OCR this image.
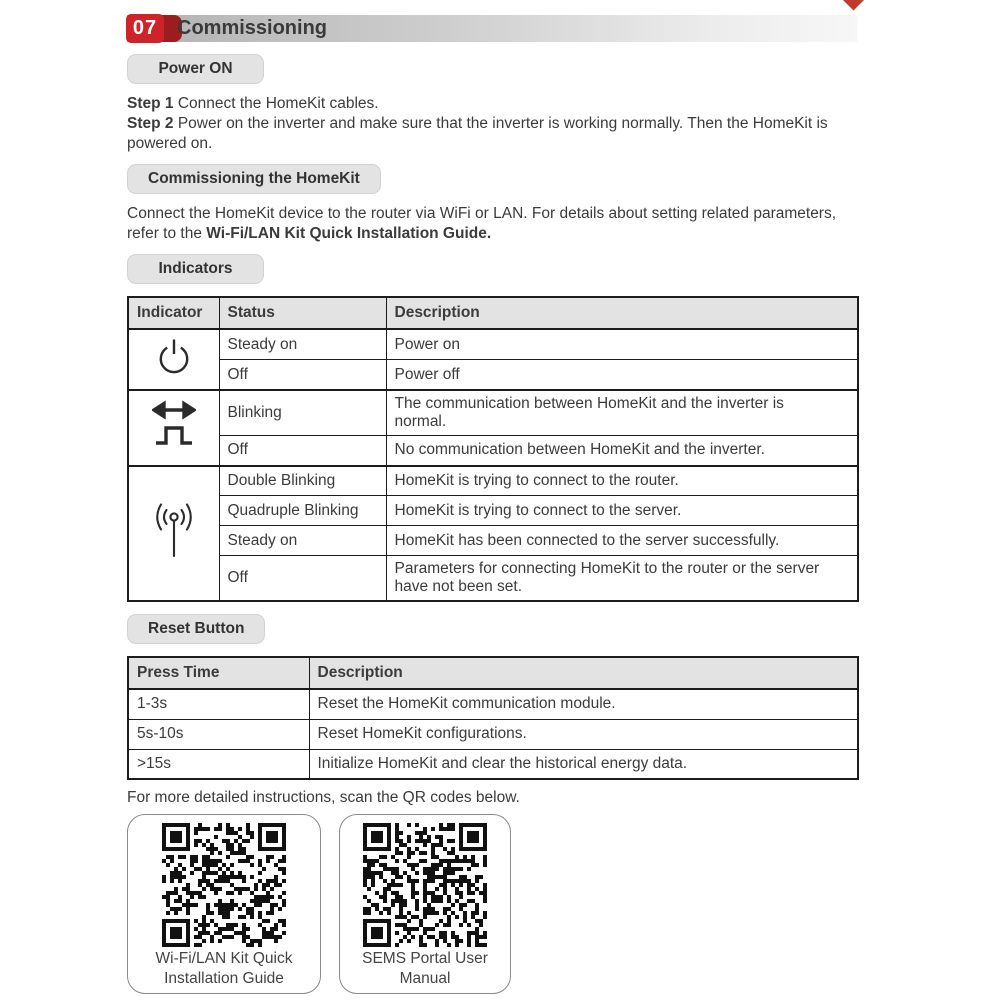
07 Commissioning
Power ON
Step 1 Connect the HomeKit cables.
Step 2 Power on the inverter and make sure that the inverter is working normally. Then the HomeKit is powered on.
Commissioning the HomeKit
Connect the HomeKit device to the router via WiFi or LAN. For details about setting related parameters, refer to the Wi-Fi/LAN Kit Quick Installation Guide.
Indicators
Indicator	Status	Description
	Steady on	Power on
	Off	Power off
	Blinking	The communication between HomeKit and the inverter is normal.
	Off	No communication between HomeKit and the inverter.
	Double Blinking	HomeKit is trying to connect to the router.
	Quadruple Blinking	HomeKit is trying to connect to the server.
	Steady on	HomeKit has been connected to the server successfully.
	Off	Parameters for connecting HomeKit to the router or the server have not been set.
Reset Button
Press Time	Description
1-3s	Reset the HomeKit communication module.
5s-10s	Reset HomeKit configurations.
>15s	Initialize HomeKit and clear the historical energy data.
For more detailed instructions, scan the QR codes below.
Wi-Fi/LAN Kit Quick Installation Guide
SEMS Portal User Manual
